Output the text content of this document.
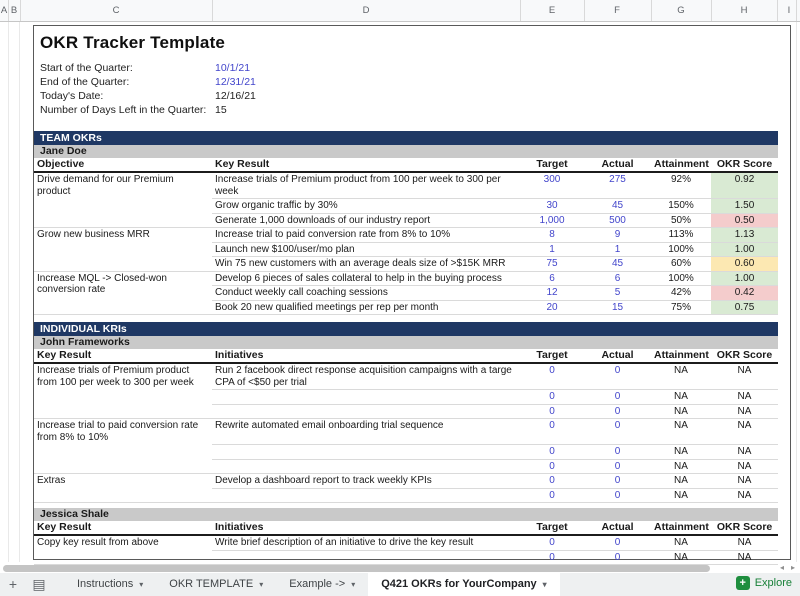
A B	C	D	E	F	G	H	I
OKR Tracker Template
Start of the Quarter:	10/1/21
End of the Quarter:	12/31/21
Today's Date:	12/16/21
Number of Days Left in the Quarter: 15
TEAM OKRs					
Jane Doe					
Objective	Key Result	Target	Actual	Attainment	OKR Score
Drive demand for our Premium product	Increase trials of Premium product from 100 per week to 300 per week	300	275	92%	0.92
	Grow organic traffic by 30%	30	45	150%	1.50
	Generate 1,000 downloads of our industry report	1,000	500	50%	0.50
Grow new business MRR	Increase trial to paid conversion rate from 8% to 10%	8	9	113%	1.13
	Launch new $100/user/mo plan	1	1	100%	1.00
	Win 75 new customers with an average deals size of >$15K MRR	75	45	60%	0.60
Increase MQL -> Closed-won conversion rate	Develop 6 pieces of sales collateral to help in the buying process	6	6	100%	1.00
	Conduct weekly call coaching sessions	12	5	42%	0.42
	Book 20 new qualified meetings per rep per month	20	15	75%	0.75
INDIVIDUAL KRIs					
John Frameworks					
Key Result	Initiatives	Target	Actual	Attainment	OKR Score
Increase trials of Premium product from 100 per week to 300 per week	Run 2 facebook direct response acquisition campaigns with a targe CPA of <$50 per trial	0	0	NA	NA
		0	0	NA	NA
		0	0	NA	NA
Increase trial to paid conversion rate from 8% to 10%	Rewrite automated email onboarding trial sequence	0	0	NA	NA
		0	0	NA	NA
		0	0	NA	NA
Extras	Develop a dashboard report to track weekly KPIs	0	0	NA	NA
		0	0	NA	NA
Jessica Shale					
Key Result	Initiatives	Target	Actual	Attainment	OKR Score
Copy key result from above	Write brief description of an initiative to drive the key result	0	0	NA	NA
		0	0	NA	NA
◂ ▸
+	▤	Instructions ▾	OKR TEMPLATE ▾	Example -> ▾	Q421 OKRs for YourCompany ▾	+ Explore
